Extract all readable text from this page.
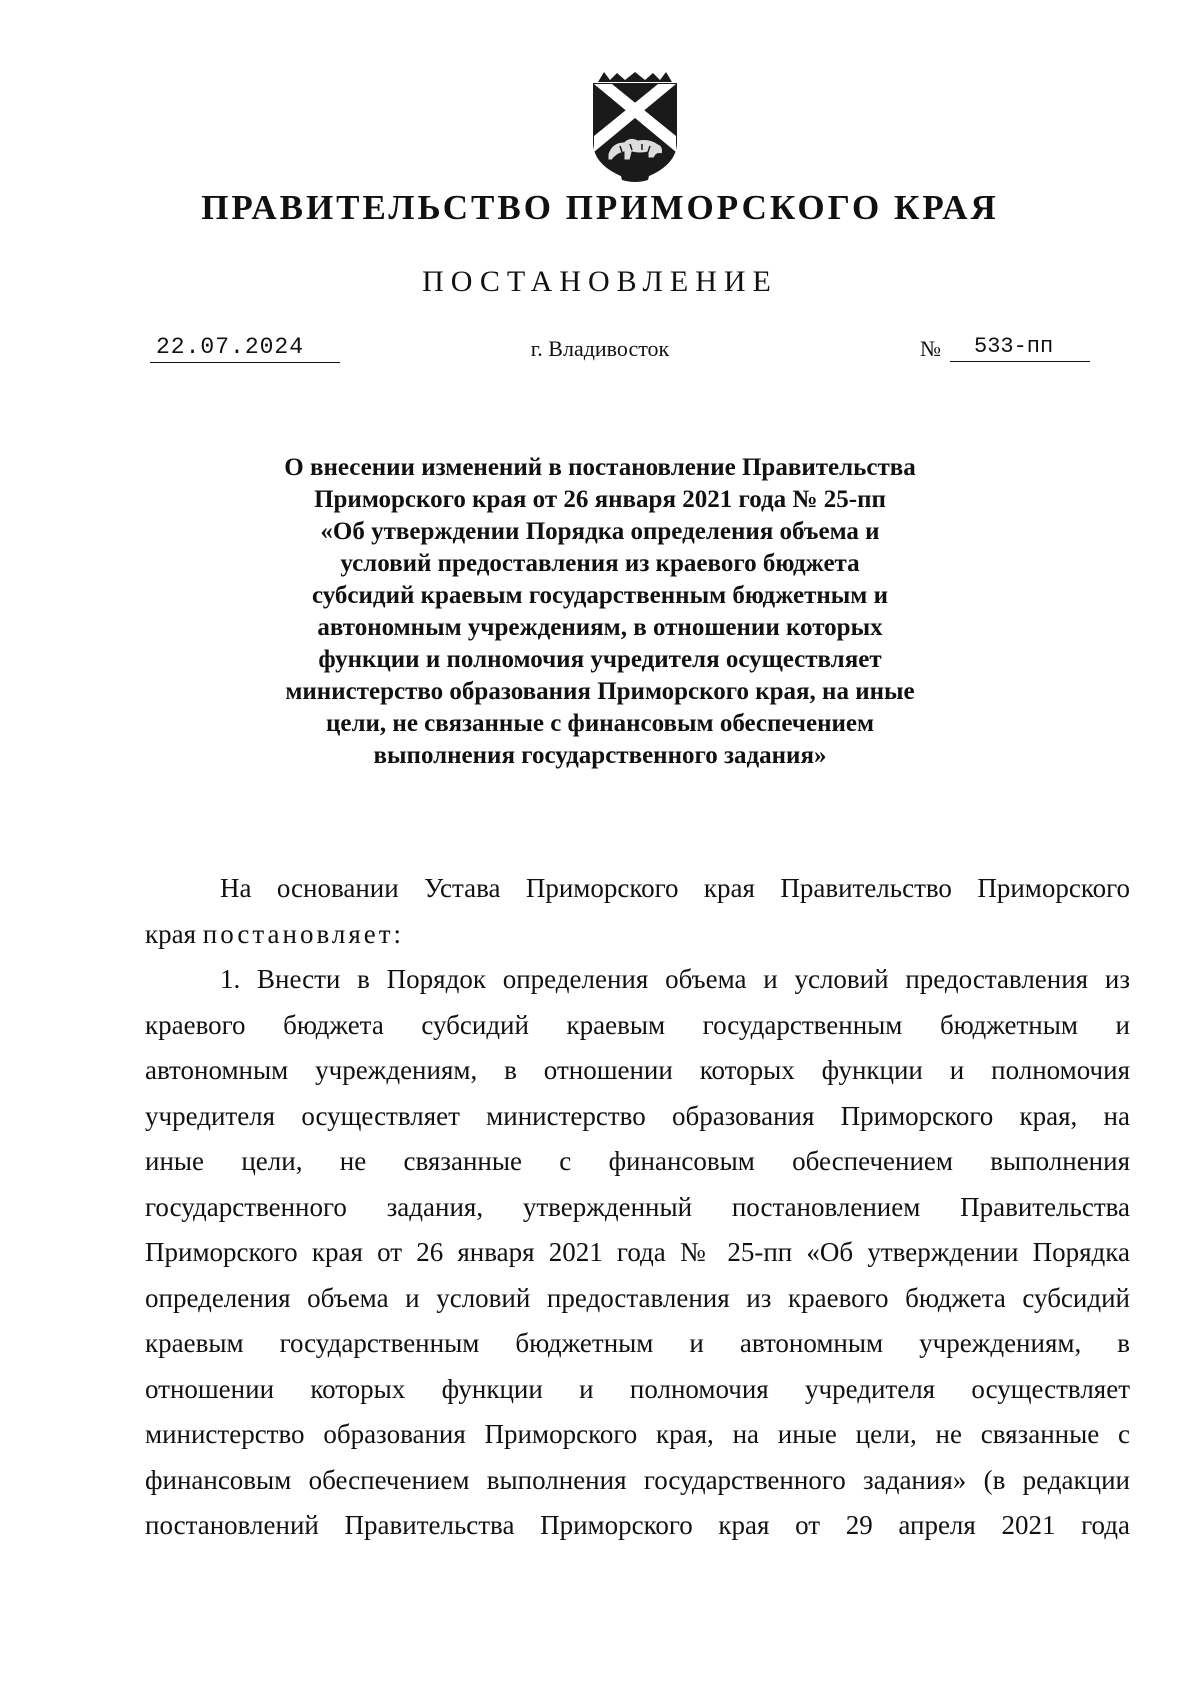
ПРАВИТЕЛЬСТВО ПРИМОРСКОГО КРАЯ
ПОСТАНОВЛЕНИЕ
22.07.2024	г. Владивосток	№	533-пп
О внесении изменений в постановление Правительства
Приморского края от 26 января 2021 года № 25-пп
«Об утверждении Порядка определения объема и
условий предоставления из краевого бюджета
субсидий краевым государственным бюджетным и
автономным учреждениям, в отношении которых
функции и полномочия учредителя осуществляет
министерство образования Приморского края, на иные
цели, не связанные с финансовым обеспечением
выполнения государственного задания»
На основании Устава Приморского края Правительство Приморского
края постановляет:
1. Внести в Порядок определения объема и условий предоставления из
краевого бюджета субсидий краевым государственным бюджетным и
автономным учреждениям, в отношении которых функции и полномочия
учредителя осуществляет министерство образования Приморского края, на
иные цели, не связанные с финансовым обеспечением выполнения
государственного задания, утвержденный постановлением Правительства
Приморского края от 26 января 2021 года № 25-пп «Об утверждении Порядка
определения объема и условий предоставления из краевого бюджета субсидий
краевым государственным бюджетным и автономным учреждениям, в
отношении которых функции и полномочия учредителя осуществляет
министерство образования Приморского края, на иные цели, не связанные с
финансовым обеспечением выполнения государственного задания» (в редакции
постановлений Правительства Приморского края от 29 апреля 2021 года
